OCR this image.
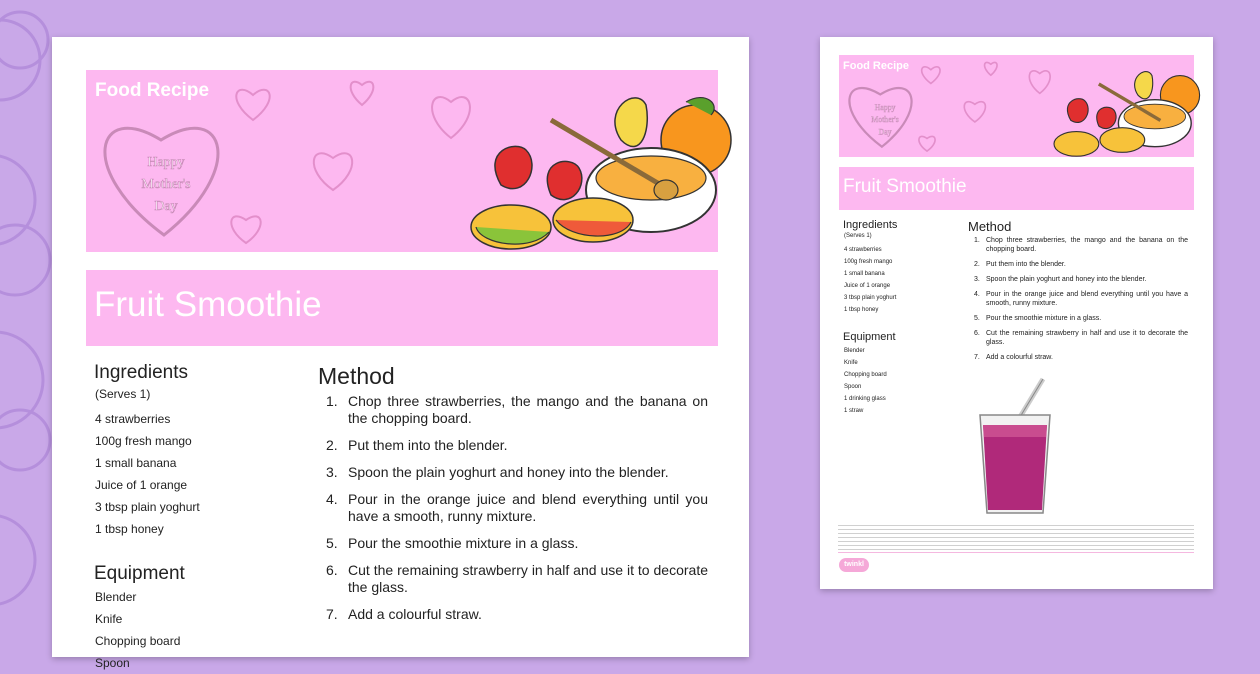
Food Recipe
Happy
Mother's
Day
Fruit Smoothie
Ingredients
(Serves 1)
4 strawberries
100g fresh mango
1 small banana
Juice of 1 orange
3 tbsp plain yoghurt
1 tbsp honey
Equipment
Blender
Knife
Chopping board
Spoon
Method
Chop three strawberries, the mango and the banana on the chopping board.
Put them into the blender.
Spoon the plain yoghurt and honey into the blender.
Pour in the orange juice and blend everything until you have a smooth, runny mixture.
Pour the smoothie mixture in a glass.
Cut the remaining strawberry in half and use it to decorate the glass.
Add a colourful straw.
Food Recipe
Happy
Mother's
Day
Fruit Smoothie
Ingredients
(Serves 1)
4 strawberries
100g fresh mango
1 small banana
Juice of 1 orange
3 tbsp plain yoghurt
1 tbsp honey
Equipment
Blender
Knife
Chopping board
Spoon
1 drinking glass
1 straw
Method
Chop three strawberries, the mango and the banana on the chopping board.
Put them into the blender.
Spoon the plain yoghurt and honey into the blender.
Pour in the orange juice and blend everything until you have a smooth, runny mixture.
Pour the smoothie mixture in a glass.
Cut the remaining strawberry in half and use it to decorate the glass.
Add a colourful straw.
twinkl
